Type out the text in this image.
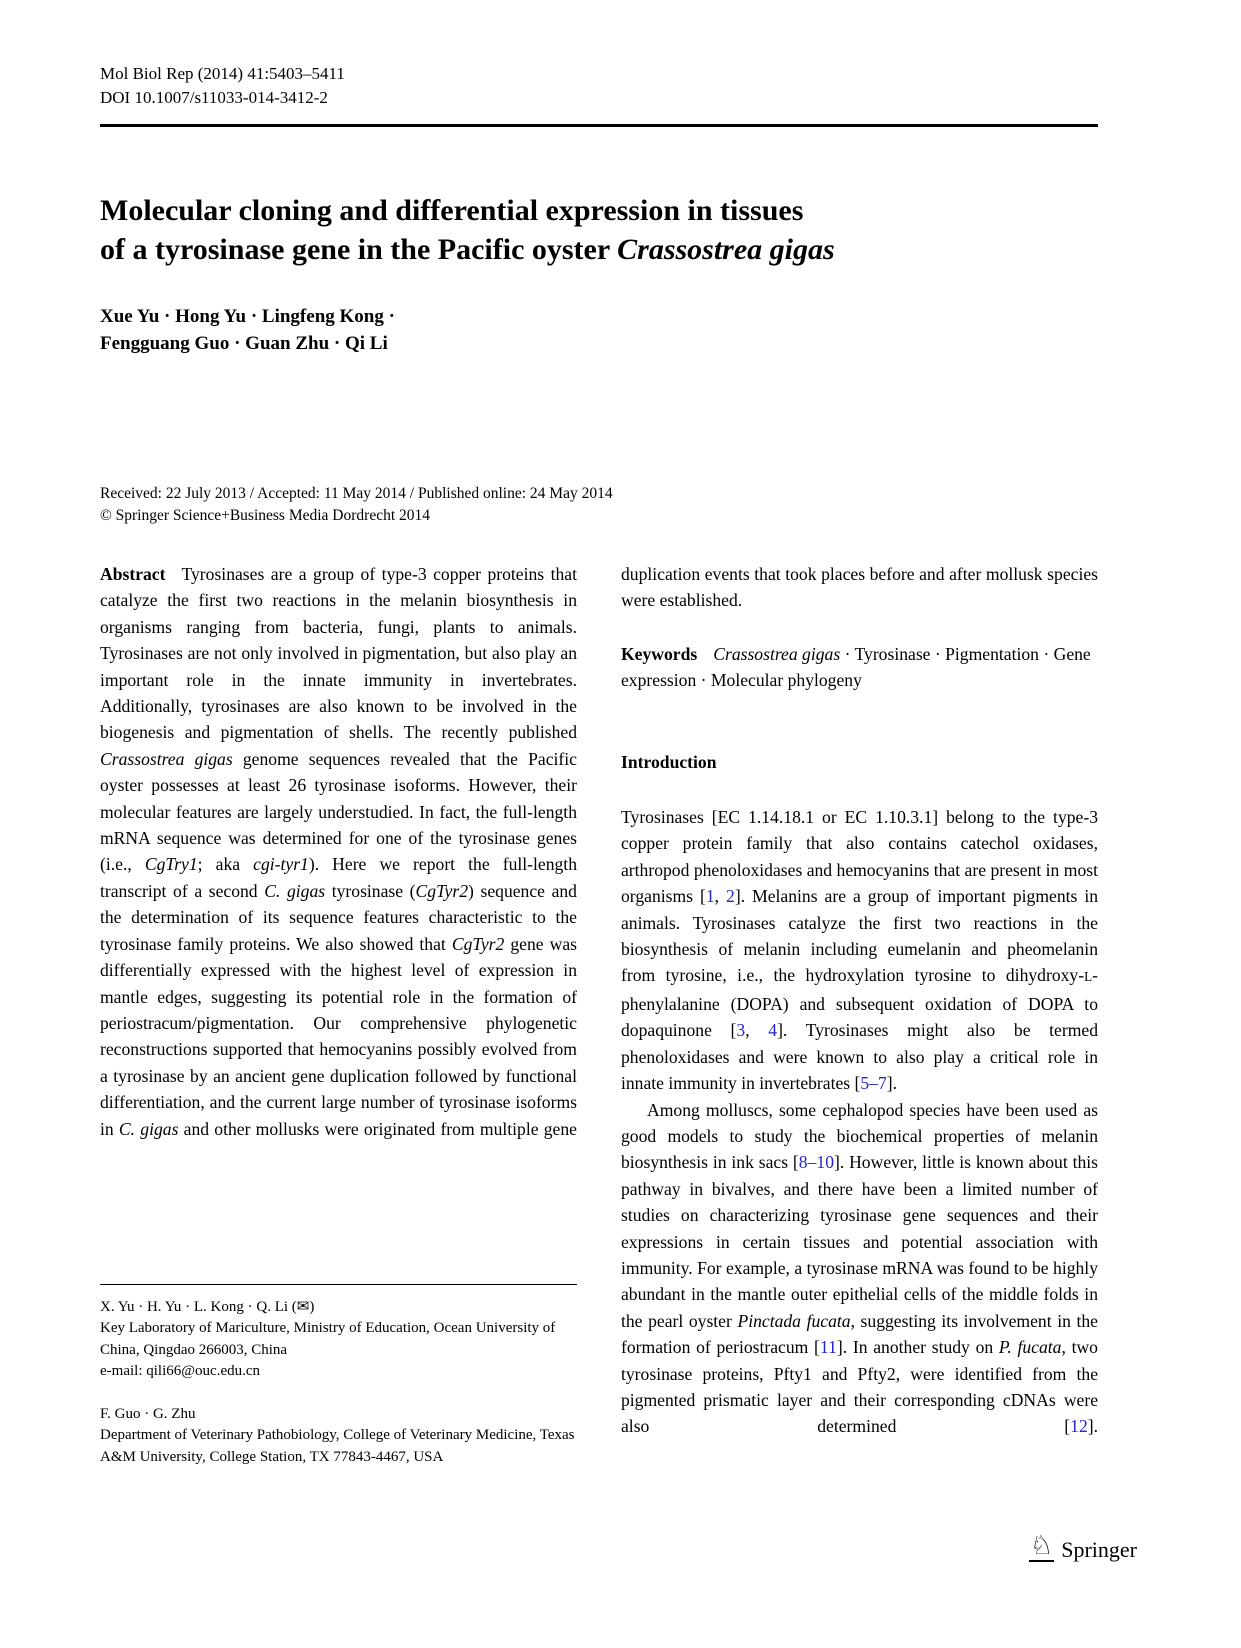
Mol Biol Rep (2014) 41:5403–5411
DOI 10.1007/s11033-014-3412-2
Molecular cloning and differential expression in tissues
of a tyrosinase gene in the Pacific oyster Crassostrea gigas
Xue Yu · Hong Yu · Lingfeng Kong ·
Fengguang Guo · Guan Zhu · Qi Li
Received: 22 July 2013 / Accepted: 11 May 2014 / Published online: 24 May 2014
© Springer Science+Business Media Dordrecht 2014

Abstract Tyrosinases are a group of type-3 copper proteins that catalyze the first two reactions in the melanin biosynthesis in organisms ranging from bacteria, fungi, plants to animals. Tyrosinases are not only involved in pigmentation, but also play an important role in the innate immunity in invertebrates. Additionally, tyrosinases are also known to be involved in the biogenesis and pigmentation of shells. The recently published Crassostrea gigas genome sequences revealed that the Pacific oyster possesses at least 26 tyrosinase isoforms. However, their molecular features are largely understudied. In fact, the full-length mRNA sequence was determined for one of the tyrosinase genes (i.e., CgTry1; aka cgi-tyr1). Here we report the full-length transcript of a second C. gigas tyrosinase (CgTyr2) sequence and the determination of its sequence features characteristic to the tyrosinase family proteins. We also showed that CgTyr2 gene was differentially expressed with the highest level of expression in mantle edges, suggesting its potential role in the formation of periostracum/pigmentation. Our comprehensive phylogenetic reconstructions supported that hemocyanins possibly evolved from a tyrosinase by an ancient gene duplication followed by functional differentiation, and the current large number of tyrosinase isoforms in C. gigas and other mollusks were originated from multiple gene

X. Yu · H. Yu · L. Kong · Q. Li (✉)
Key Laboratory of Mariculture, Ministry of Education, Ocean University of China, Qingdao 266003, China
e-mail: qili66@ouc.edu.cn
F. Guo · G. Zhu
Department of Veterinary Pathobiology, College of Veterinary Medicine, Texas A&M University, College Station, TX 77843-4467, USA

duplication events that took places before and after mollusk species were established.

Keywords Crassostrea gigas · Tyrosinase · Pigmentation · Gene expression · Molecular phylogeny

Introduction

Tyrosinases [EC 1.14.18.1 or EC 1.10.3.1] belong to the type-3 copper protein family that also contains catechol oxidases, arthropod phenoloxidases and hemocyanins that are present in most organisms [1, 2]. Melanins are a group of important pigments in animals. Tyrosinases catalyze the first two reactions in the biosynthesis of melanin including eumelanin and pheomelanin from tyrosine, i.e., the hydroxylation tyrosine to dihydroxy-L-phenylalanine (DOPA) and subsequent oxidation of DOPA to dopaquinone [3, 4]. Tyrosinases might also be termed phenoloxidases and were known to also play a critical role in innate immunity in invertebrates [5–7].

Among molluscs, some cephalopod species have been used as good models to study the biochemical properties of melanin biosynthesis in ink sacs [8–10]. However, little is known about this pathway in bivalves, and there have been a limited number of studies on characterizing tyrosinase gene sequences and their expressions in certain tissues and potential association with immunity. For example, a tyrosinase mRNA was found to be highly abundant in the mantle outer epithelial cells of the middle folds in the pearl oyster Pinctada fucata, suggesting its involvement in the formation of periostracum [11]. In another study on P. fucata, two tyrosinase proteins, Pfty1 and Pfty2, were identified from the pigmented prismatic layer and their corresponding cDNAs were also determined [12].

♘ Springer
